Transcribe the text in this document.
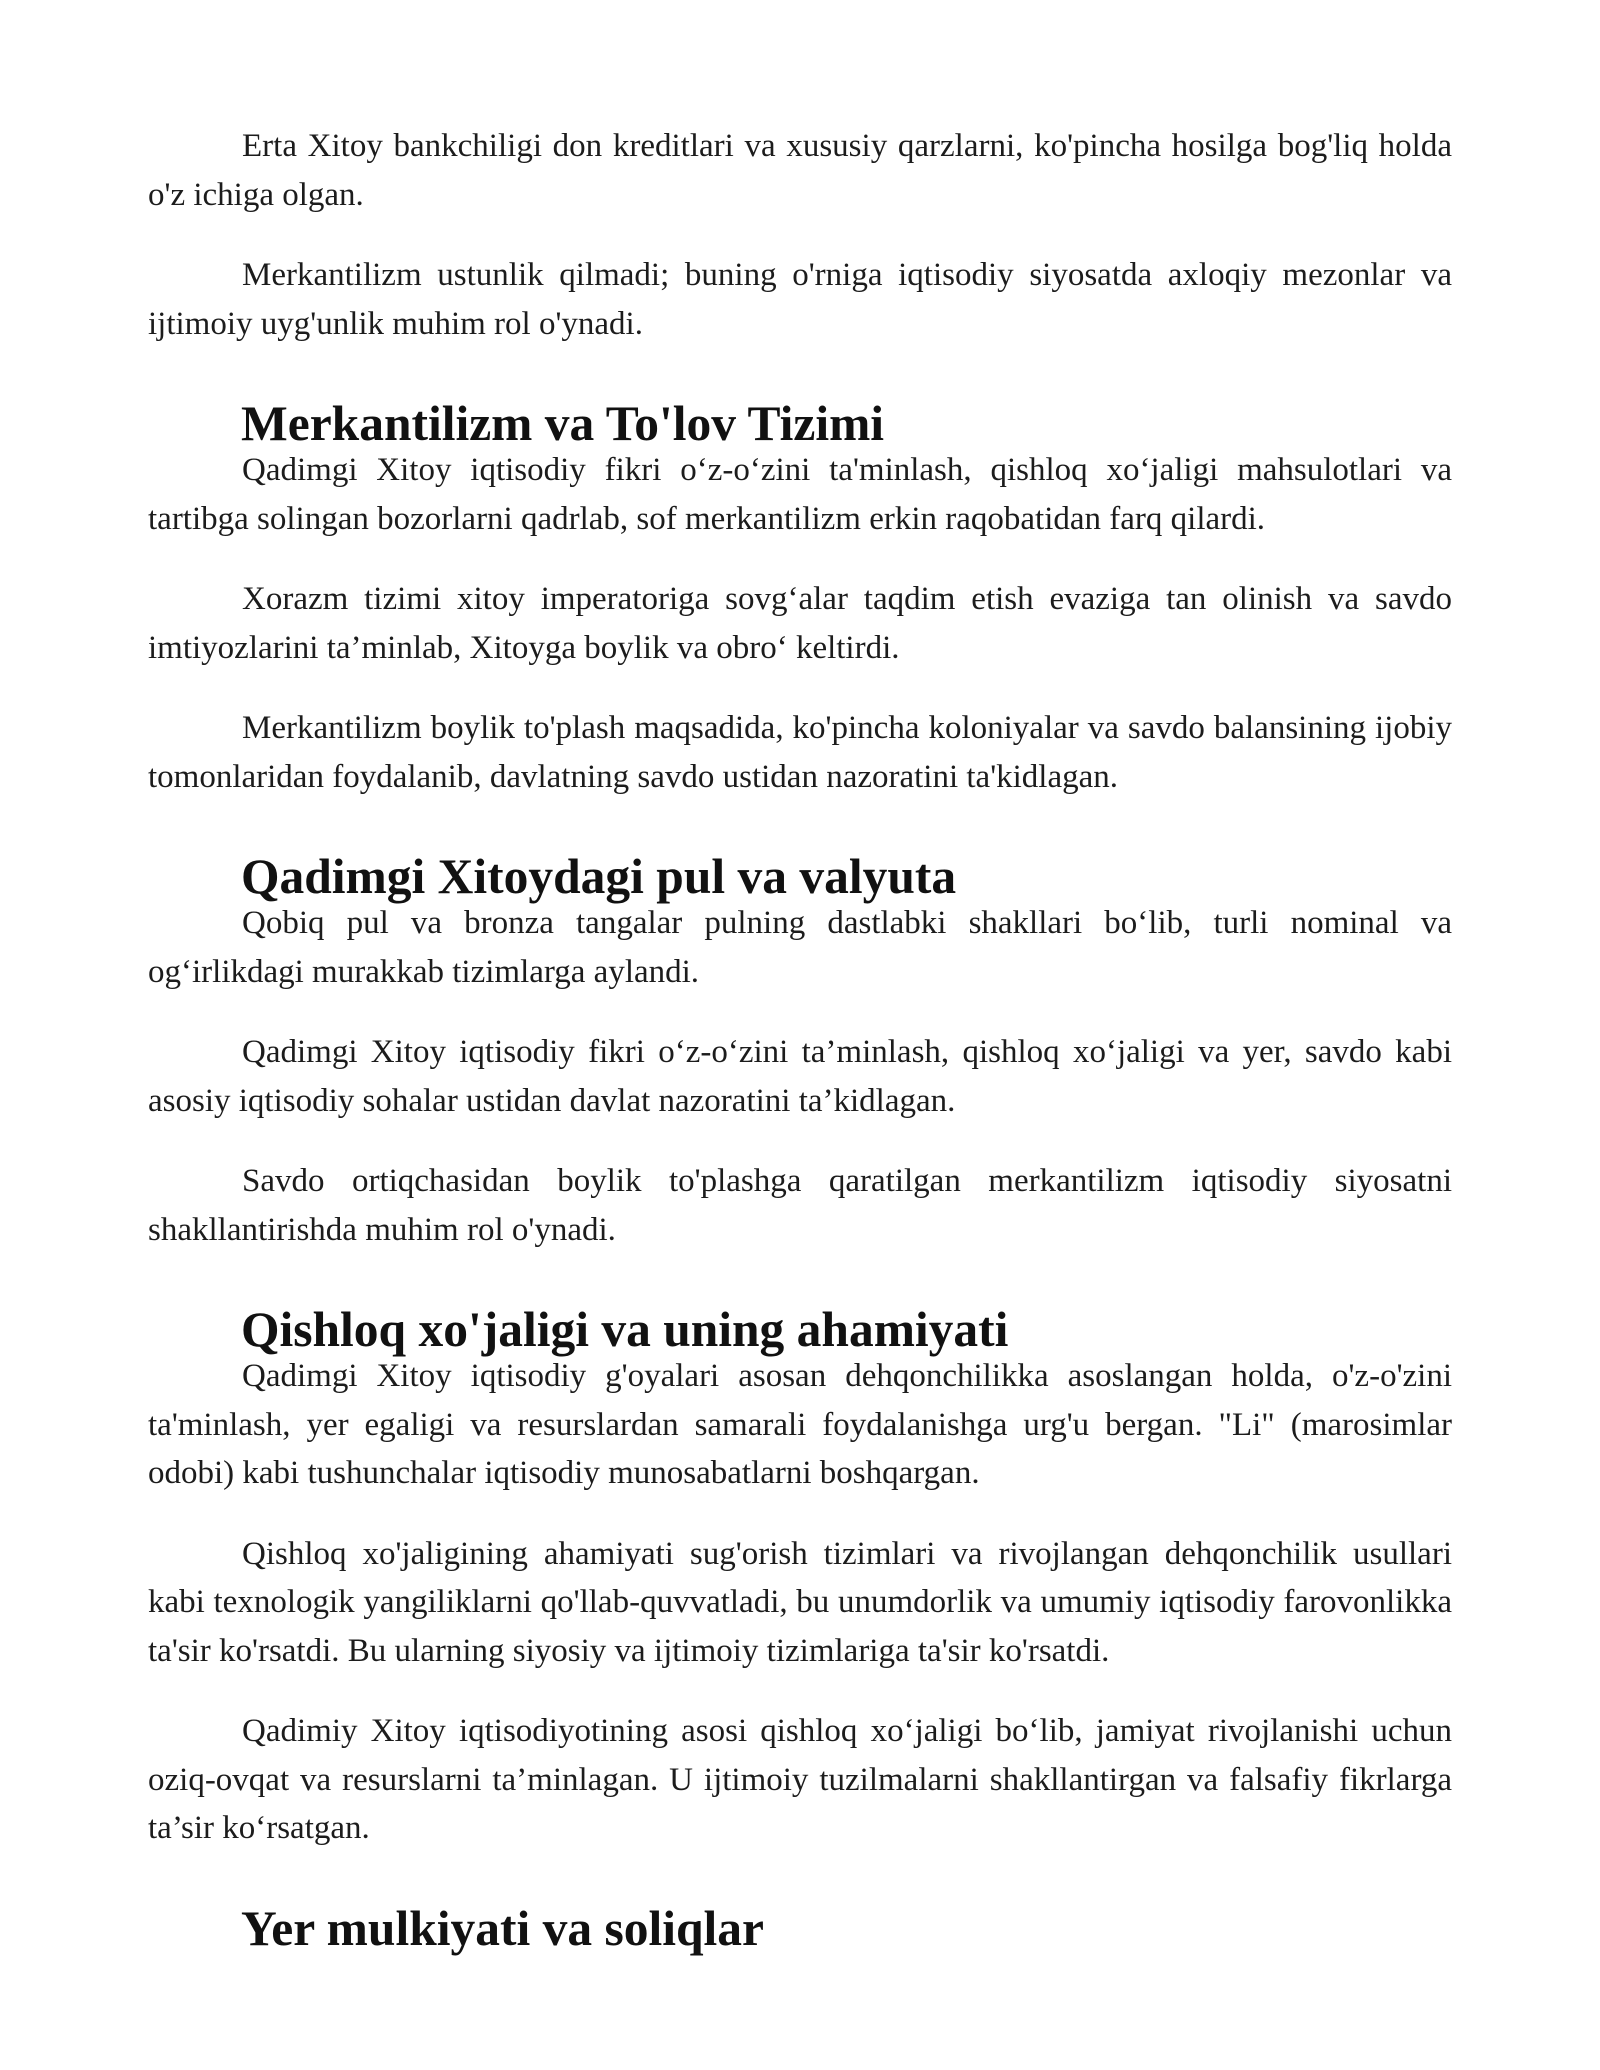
Erta Xitoy bankchiligi don kreditlari va xususiy qarzlarni, ko'pincha hosilga bog'liq holda o'z ichiga olgan.

Merkantilizm ustunlik qilmadi; buning o'rniga iqtisodiy siyosatda axloqiy mezonlar va ijtimoiy uyg'unlik muhim rol o'ynadi.

Merkantilizm va To'lov Tizimi

Qadimgi Xitoy iqtisodiy fikri o‘z-o‘zini ta'minlash, qishloq xo‘jaligi mahsulotlari va tartibga solingan bozorlarni qadrlab, sof merkantilizm erkin raqobatidan farq qilardi.

Xorazm tizimi xitoy imperatoriga sovg‘alar taqdim etish evaziga tan olinish va savdo imtiyozlarini ta’minlab, Xitoyga boylik va obro‘ keltirdi.

Merkantilizm boylik to'plash maqsadida, ko'pincha koloniyalar va savdo balansining ijobiy tomonlaridan foydalanib, davlatning savdo ustidan nazoratini ta'kidlagan.

Qadimgi Xitoydagi pul va valyuta

Qobiq pul va bronza tangalar pulning dastlabki shakllari bo‘lib, turli nominal va og‘irlikdagi murakkab tizimlarga aylandi.

Qadimgi Xitoy iqtisodiy fikri o‘z-o‘zini ta’minlash, qishloq xo‘jaligi va yer, savdo kabi asosiy iqtisodiy sohalar ustidan davlat nazoratini ta’kidlagan.

Savdo ortiqchasidan boylik to'plashga qaratilgan merkantilizm iqtisodiy siyosatni shakllantirishda muhim rol o'ynadi.

Qishloq xo'jaligi va uning ahamiyati

Qadimgi Xitoy iqtisodiy g'oyalari asosan dehqonchilikka asoslangan holda, o'z-o'zini ta'minlash, yer egaligi va resurslardan samarali foydalanishga urg'u bergan. "Li" (marosimlar odobi) kabi tushunchalar iqtisodiy munosabatlarni boshqargan.

Qishloq xo'jaligining ahamiyati sug'orish tizimlari va rivojlangan dehqonchilik usullari kabi texnologik yangiliklarni qo'llab-quvvatladi, bu unumdorlik va umumiy iqtisodiy farovonlikka ta'sir ko'rsatdi. Bu ularning siyosiy va ijtimoiy tizimlariga ta'sir ko'rsatdi.

Qadimiy Xitoy iqtisodiyotining asosi qishloq xo‘jaligi bo‘lib, jamiyat rivojlanishi uchun oziq-ovqat va resurslarni ta’minlagan. U ijtimoiy tuzilmalarni shakllantirgan va falsafiy fikrlarga ta’sir ko‘rsatgan.

Yer mulkiyati va soliqlar
